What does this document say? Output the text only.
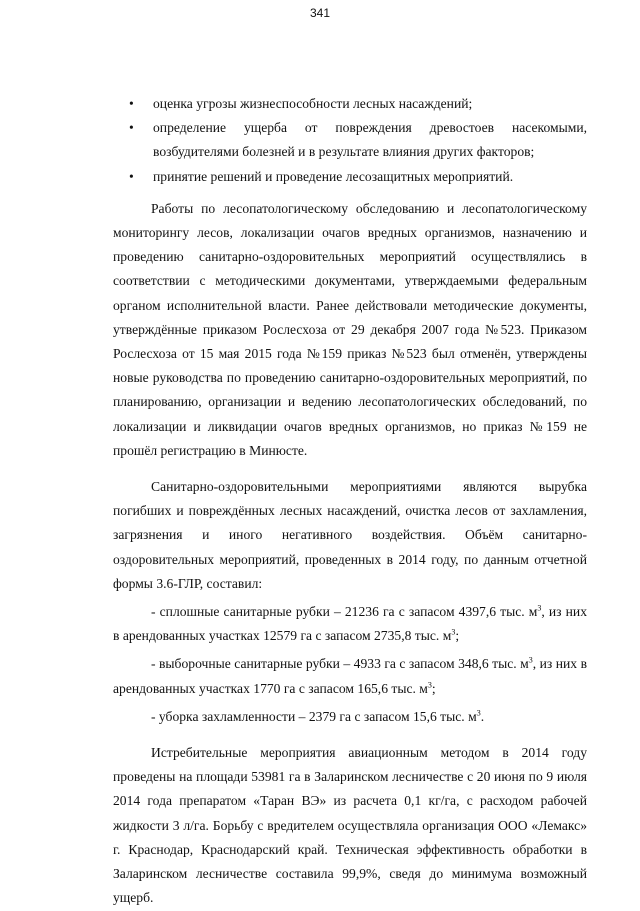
341
• оценка угрозы жизнеспособности лесных насаждений;
• определение ущерба от повреждения древостоев насекомыми, возбудителями болезней и в результате влияния других факторов;
• принятие решений и проведение лесозащитных мероприятий.

Работы по лесопатологическому обследованию и лесопатологическому мониторингу лесов, локализации очагов вредных организмов, назначению и проведению санитарно-оздоровительных мероприятий осуществлялись в соответствии с методическими документами, утверждаемыми федеральным органом исполнительной власти. Ранее действовали методические документы, утверждённые приказом Рослесхоза от 29 декабря 2007 года №523. Приказом Рослесхоза от 15 мая 2015 года №159 приказ №523 был отменён, утверждены новые руководства по проведению санитарно-оздоровительных мероприятий, по планированию, организации и ведению лесопатологических обследований, по локализации и ликвидации очагов вредных организмов, но приказ №159 не прошёл регистрацию в Минюсте.

Санитарно-оздоровительными мероприятиями являются вырубка погибших и повреждённых лесных насаждений, очистка лесов от захламления, загрязнения и иного негативного воздействия. Объём санитарно-оздоровительных мероприятий, проведенных в 2014 году, по данным отчетной формы 3.6-ГЛР, составил:

- сплошные санитарные рубки – 21236 га с запасом 4397,6 тыс. $м^3$, из них в арендованных участках 12579 га с запасом 2735,8 тыс. $м^3$;

- выборочные санитарные рубки – 4933 га с запасом 348,6 тыс. $м^3$, из них в арендованных участках 1770 га с запасом 165,6 тыс. $м^3$;

- уборка захламленности – 2379 га с запасом 15,6 тыс. $м^3$.

Истребительные мероприятия авиационным методом в 2014 году проведены на площади 53981 га в Заларинском лесничестве с 20 июня по 9 июля 2014 года препаратом «Таран ВЭ» из расчета 0,1 кг/га, с расходом рабочей жидкости 3 л/га. Борьбу с вредителем осуществляла организация ООО «Лемакс» г. Краснодар, Краснодарский край. Техническая эффективность обработки в Заларинском лесничестве составила 99,9%, сведя до минимума возможный ущерб.
